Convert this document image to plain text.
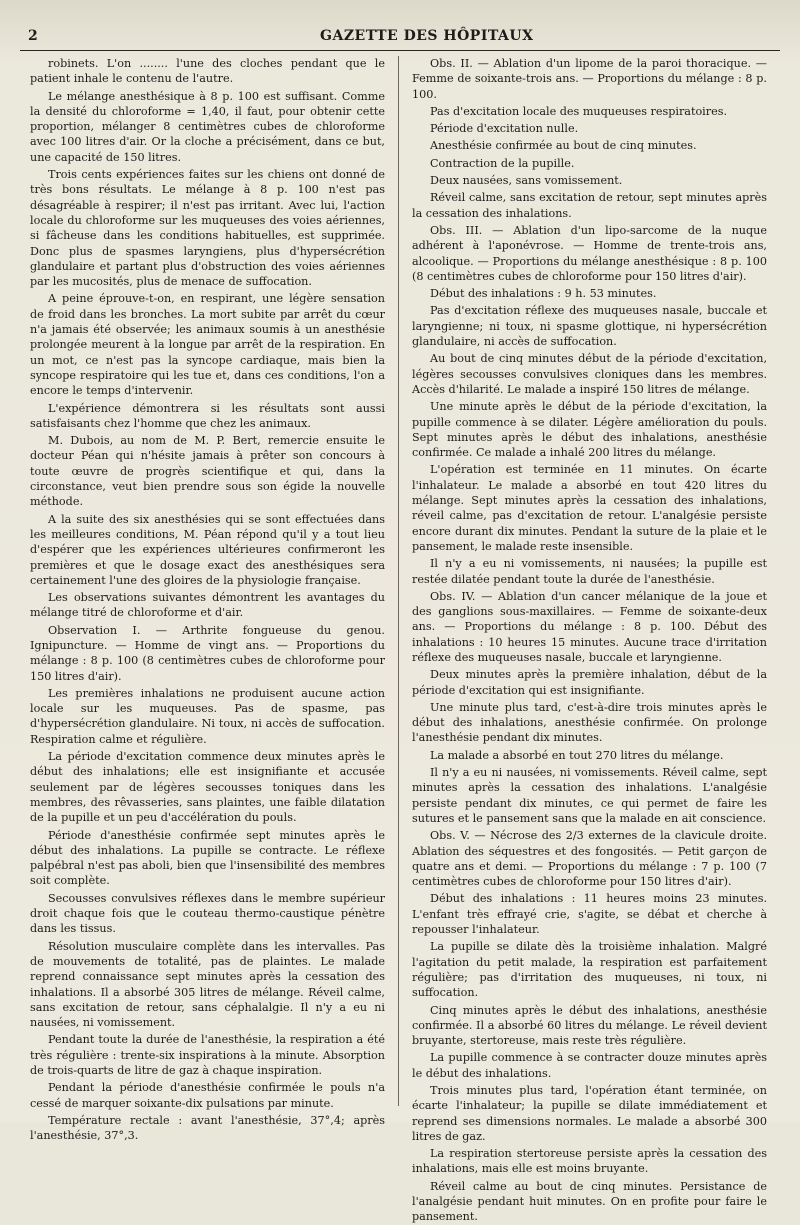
2	GAZETTE DES HÔPITAUX

robinets. L'on ........ l'une des cloches pendant que le patient inhale le contenu de l'autre.

Le mélange anesthésique à 8 p. 100 est suffisant. Comme la densité du chloroforme = 1,40, il faut, pour obtenir cette proportion, mélanger 8 centimètres cubes de chloroforme avec 100 litres d'air. Or la cloche a précisément, dans ce but, une capacité de 150 litres.

Trois cents expériences faites sur les chiens ont donné de très bons résultats. Le mélange à 8 p. 100 n'est pas désagréable à respirer; il n'est pas irritant. Avec lui, l'action locale du chloroforme sur les muqueuses des voies aériennes, si fâcheuse dans les conditions habituelles, est supprimée. Donc plus de spasmes laryngiens, plus d'hypersécrétion glandulaire et partant plus d'obstruction des voies aériennes par les mucosités, plus de menace de suffocation.

A peine éprouve-t-on, en respirant, une légère sensation de froid dans les bronches. La mort subite par arrêt du cœur n'a jamais été observée; les animaux soumis à un anesthésie prolongée meurent à la longue par arrêt de la respiration. En un mot, ce n'est pas la syncope cardiaque, mais bien la syncope respiratoire qui les tue et, dans ces conditions, l'on a encore le temps d'intervenir.

L'expérience démontrera si les résultats sont aussi satisfaisants chez l'homme que chez les animaux.

M. Dubois, au nom de M. P. Bert, remercie ensuite le docteur Péan qui n'hésite jamais à prêter son concours à toute œuvre de progrès scientifique et qui, dans la circonstance, veut bien prendre sous son égide la nouvelle méthode.

A la suite des six anesthésies qui se sont effectuées dans les meilleures conditions, M. Péan répond qu'il y a tout lieu d'espérer que les expériences ultérieures confirmeront les premières et que le dosage exact des anesthésiques sera certainement l'une des gloires de la physiologie française.

Les observations suivantes démontrent les avantages du mélange titré de chloroforme et d'air.

Observation I. — Arthrite fongueuse du genou. Ignipuncture. — Homme de vingt ans. — Proportions du mélange : 8 p. 100 (8 centimètres cubes de chloroforme pour 150 litres d'air).

Les premières inhalations ne produisent aucune action locale sur les muqueuses. Pas de spasme, pas d'hypersécrétion glandulaire. Ni toux, ni accès de suffocation. Respiration calme et régulière.

La période d'excitation commence deux minutes après le début des inhalations; elle est insignifiante et accusée seulement par de légères secousses toniques dans les membres, des rêvasseries, sans plaintes, une faible dilatation de la pupille et un peu d'accélération du pouls.

Période d'anesthésie confirmée sept minutes après le début des inhalations. La pupille se contracte. Le réflexe palpébral n'est pas aboli, bien que l'insensibilité des membres soit complète.

Secousses convulsives réflexes dans le membre supérieur droit chaque fois que le couteau thermo-caustique pénètre dans les tissus.

Résolution musculaire complète dans les intervalles. Pas de mouvements de totalité, pas de plaintes. Le malade reprend connaissance sept minutes après la cessation des inhalations. Il a absorbé 305 litres de mélange. Réveil calme, sans excitation de retour, sans céphalalgie. Il n'y a eu ni nausées, ni vomissement.

Pendant toute la durée de l'anesthésie, la respiration a été très régulière : trente-six inspirations à la minute. Absorption de trois-quarts de litre de gaz à chaque inspiration.

Pendant la période d'anesthésie confirmée le pouls n'a cessé de marquer soixante-dix pulsations par minute.

Température rectale : avant l'anesthésie, 37°,4; après l'anesthésie, 37°,3.

Obs. II. — Ablation d'un lipome de la paroi thoracique. — Femme de soixante-trois ans. — Proportions du mélange : 8 p. 100.

Pas d'excitation locale des muqueuses respiratoires.

Période d'excitation nulle.

Anesthésie confirmée au bout de cinq minutes.

Contraction de la pupille.

Deux nausées, sans vomissement.

Réveil calme, sans excitation de retour, sept minutes après la cessation des inhalations.

Obs. III. — Ablation d'un lipo-sarcome de la nuque adhérent à l'aponévrose. — Homme de trente-trois ans, alcoolique. — Proportions du mélange anesthésique : 8 p. 100 (8 centimètres cubes de chloroforme pour 150 litres d'air).

Début des inhalations : 9 h. 53 minutes.

Pas d'excitation réflexe des muqueuses nasale, buccale et laryngienne; ni toux, ni spasme glottique, ni hypersécrétion glandulaire, ni accès de suffocation.

Au bout de cinq minutes début de la période d'excitation, légères secousses convulsives cloniques dans les membres. Accès d'hilarité. Le malade a inspiré 150 litres de mélange.

Une minute après le début de la période d'excitation, la pupille commence à se dilater. Légère amélioration du pouls. Sept minutes après le début des inhalations, anesthésie confirmée. Ce malade a inhalé 200 litres du mélange.

L'opération est terminée en 11 minutes. On écarte l'inhalateur. Le malade a absorbé en tout 420 litres du mélange. Sept minutes après la cessation des inhalations, réveil calme, pas d'excitation de retour. L'analgésie persiste encore durant dix minutes. Pendant la suture de la plaie et le pansement, le malade reste insensible.

Il n'y a eu ni vomissements, ni nausées; la pupille est restée dilatée pendant toute la durée de l'anesthésie.

Obs. IV. — Ablation d'un cancer mélanique de la joue et des ganglions sous-maxillaires. — Femme de soixante-deux ans. — Proportions du mélange : 8 p. 100. Début des inhalations : 10 heures 15 minutes. Aucune trace d'irritation réflexe des muqueuses nasale, buccale et laryngienne.

Deux minutes après la première inhalation, début de la période d'excitation qui est insignifiante.

Une minute plus tard, c'est-à-dire trois minutes après le début des inhalations, anesthésie confirmée. On prolonge l'anesthésie pendant dix minutes.

La malade a absorbé en tout 270 litres du mélange.

Il n'y a eu ni nausées, ni vomissements. Réveil calme, sept minutes après la cessation des inhalations. L'analgésie persiste pendant dix minutes, ce qui permet de faire les sutures et le pansement sans que la malade en ait conscience.

Obs. V. — Nécrose des 2/3 externes de la clavicule droite. Ablation des séquestres et des fongosités. — Petit garçon de quatre ans et demi. — Proportions du mélange : 7 p. 100 (7 centimètres cubes de chloroforme pour 150 litres d'air).

Début des inhalations : 11 heures moins 23 minutes. L'enfant très effrayé crie, s'agite, se débat et cherche à repousser l'inhalateur.

La pupille se dilate dès la troisième inhalation. Malgré l'agitation du petit malade, la respiration est parfaitement régulière; pas d'irritation des muqueuses, ni toux, ni suffocation.

Cinq minutes après le début des inhalations, anesthésie confirmée. Il a absorbé 60 litres du mélange. Le réveil devient bruyante, stertoreuse, mais reste très régulière.

La pupille commence à se contracter douze minutes après le début des inhalations.

Trois minutes plus tard, l'opération étant terminée, on écarte l'inhalateur; la pupille se dilate immédiatement et reprend ses dimensions normales. Le malade a absorbé 300 litres de gaz.

La respiration stertoreuse persiste après la cessation des inhalations, mais elle est moins bruyante.

Réveil calme au bout de cinq minutes. Persistance de l'analgésie pendant huit minutes. On en profite pour faire le pansement.
